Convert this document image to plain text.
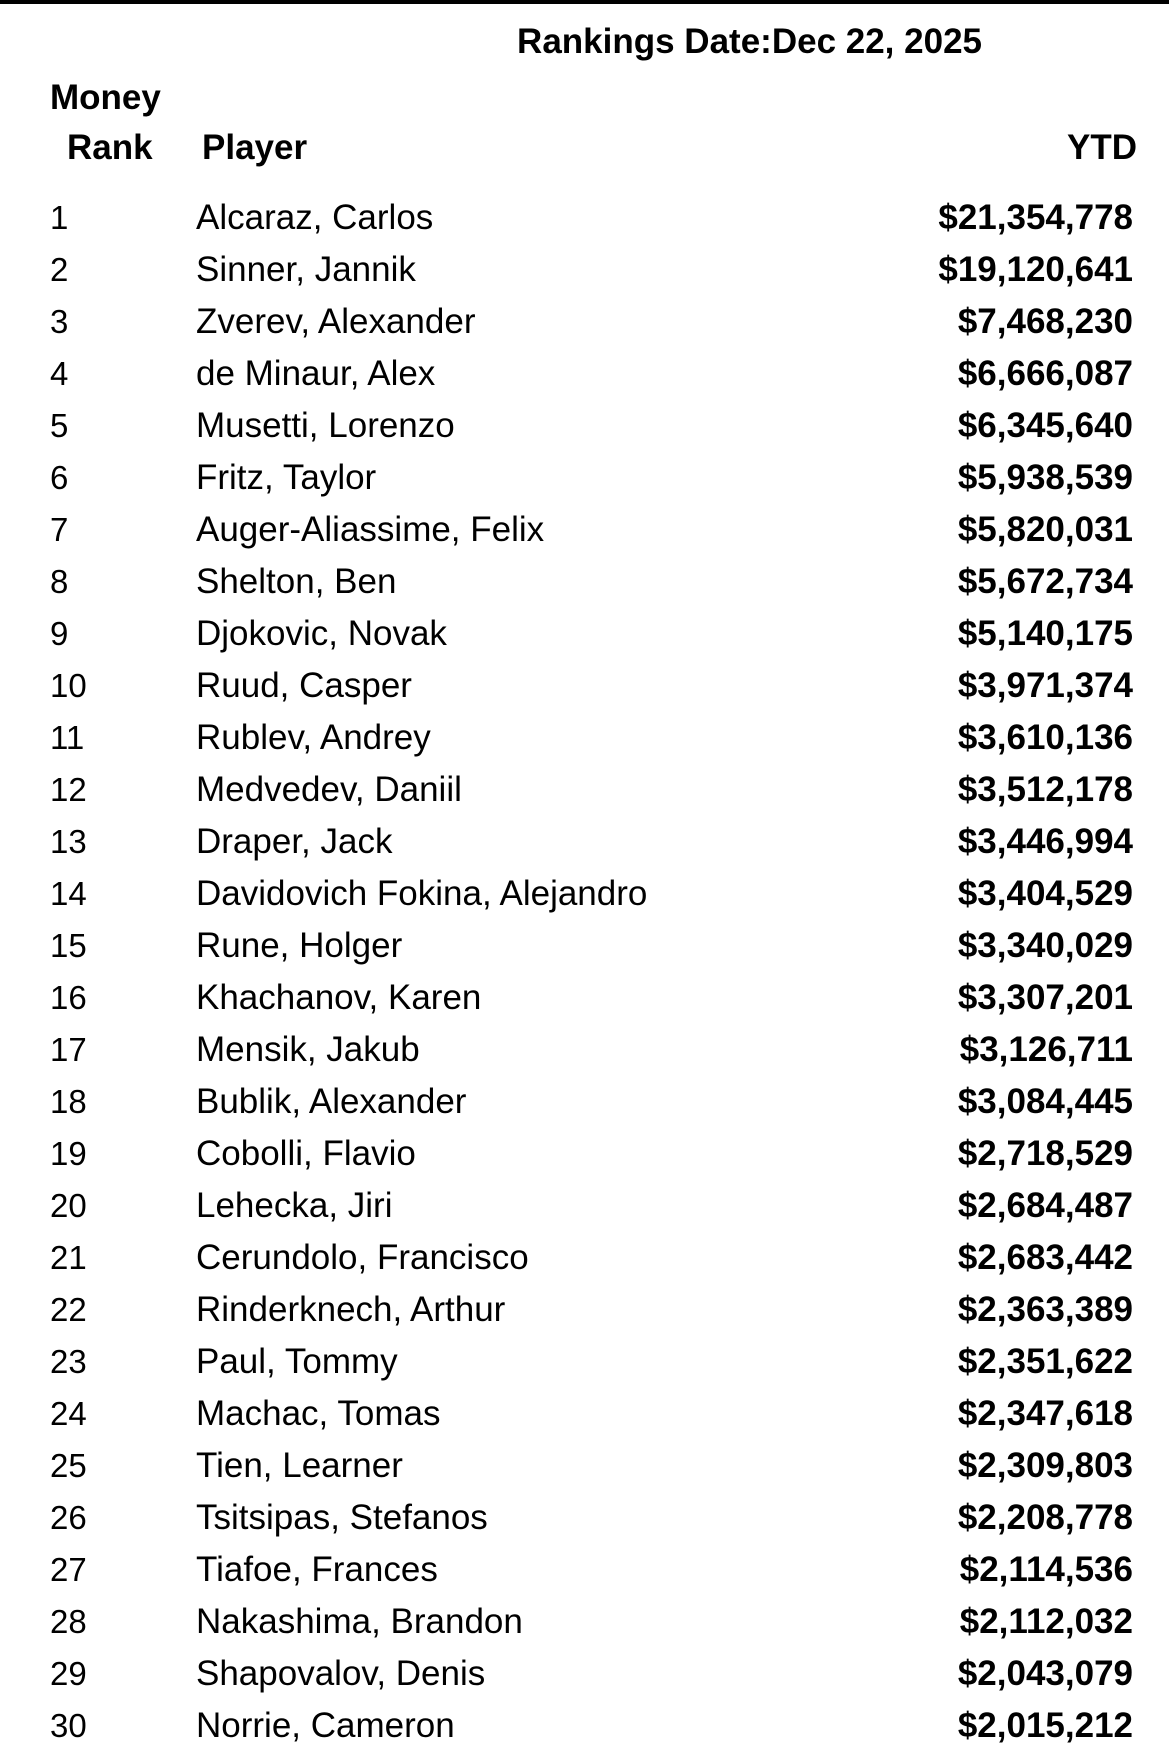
Rankings Date:Dec 22, 2025
Money
Rank Player	YTD
1	Alcaraz, Carlos	$21,354,778
2	Sinner, Jannik	$19,120,641
3	Zverev, Alexander	$7,468,230
4	de Minaur, Alex	$6,666,087
5	Musetti, Lorenzo	$6,345,640
6	Fritz, Taylor	$5,938,539
7	Auger-Aliassime, Felix	$5,820,031
8	Shelton, Ben	$5,672,734
9	Djokovic, Novak	$5,140,175
10	Ruud, Casper	$3,971,374
11	Rublev, Andrey	$3,610,136
12	Medvedev, Daniil	$3,512,178
13	Draper, Jack	$3,446,994
14	Davidovich Fokina, Alejandro	$3,404,529
15	Rune, Holger	$3,340,029
16	Khachanov, Karen	$3,307,201
17	Mensik, Jakub	$3,126,711
18	Bublik, Alexander	$3,084,445
19	Cobolli, Flavio	$2,718,529
20	Lehecka, Jiri	$2,684,487
21	Cerundolo, Francisco	$2,683,442
22	Rinderknech, Arthur	$2,363,389
23	Paul, Tommy	$2,351,622
24	Machac, Tomas	$2,347,618
25	Tien, Learner	$2,309,803
26	Tsitsipas, Stefanos	$2,208,778
27	Tiafoe, Frances	$2,114,536
28	Nakashima, Brandon	$2,112,032
29	Shapovalov, Denis	$2,043,079
30	Norrie, Cameron	$2,015,212
